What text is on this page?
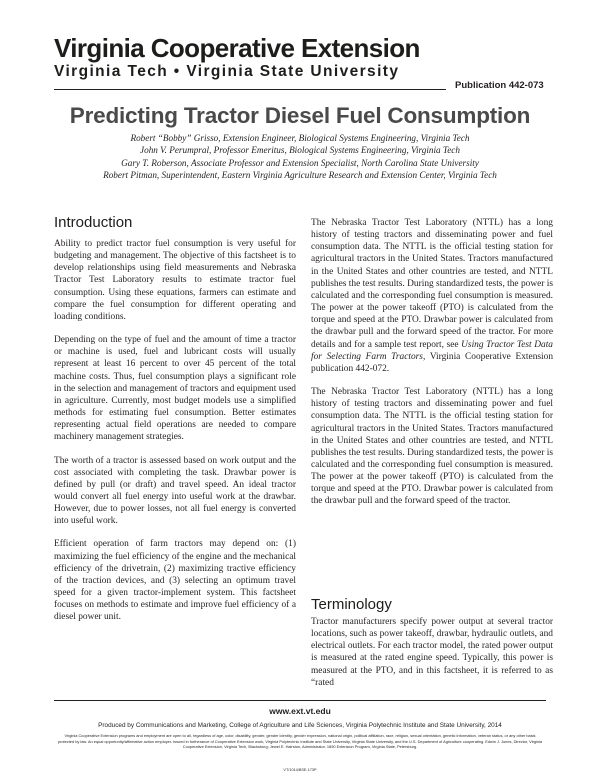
Virginia Cooperative Extension
Virginia Tech • Virginia State University
Publication 442-073
Predicting Tractor Diesel Fuel Consumption
Robert “Bobby” Grisso, Extension Engineer, Biological Systems Engineering, Virginia Tech
John V. Perumpral, Professor Emeritus, Biological Systems Engineering, Virginia Tech
Gary T. Roberson, Associate Professor and Extension Specialist, North Carolina State University
Robert Pitman, Superintendent, Eastern Virginia Agriculture Research and Extension Center, Virginia Tech
Introduction

Ability to predict tractor fuel consumption is very useful for budgeting and management. The objective of this factsheet is to develop relationships using field measurements and Nebraska Tractor Test Laboratory results to estimate tractor fuel consumption. Using these equations, farmers can estimate and compare the fuel consumption for different operating and loading conditions.

Depending on the type of fuel and the amount of time a tractor or machine is used, fuel and lubricant costs will usually represent at least 16 percent to over 45 percent of the total machine costs. Thus, fuel consumption plays a significant role in the selection and management of tractors and equipment used in agriculture. Currently, most budget models use a simplified methods for estimating fuel consumption. Better estimates representing actual field operations are needed to compare machinery management strategies.

The worth of a tractor is assessed based on work output and the cost associated with completing the task. Drawbar power is defined by pull (or draft) and travel speed. An ideal tractor would convert all fuel energy into useful work at the drawbar. However, due to power losses, not all fuel energy is converted into useful work.

Efficient operation of farm tractors may depend on: (1) maximizing the fuel efficiency of the engine and the mechanical efficiency of the drivetrain, (2) maximizing tractive efficiency of the traction devices, and (3) selecting an optimum travel speed for a given tractor-implement system. This factsheet focuses on methods to estimate and improve fuel efficiency of a diesel power unit.

The Nebraska Tractor Test Laboratory (NTTL) has a long history of testing tractors and disseminating power and fuel consumption data. The NTTL is the official testing station for agricultural tractors in the United States. Tractors manufactured in the United States and other countries are tested, and NTTL publishes the test results. During standardized tests, the power is calculated and the corresponding fuel consumption is measured. The power at the power takeoff (PTO) is calculated from the torque and speed at the PTO. Drawbar power is calculated from the drawbar pull and the forward speed of the tractor. For more details and for a sample test report, see Using Tractor Test Data for Selecting Farm Tractors, Virginia Cooperative Extension publication 442-072.

The Nebraska Tractor Test Laboratory (NTTL) has a long history of testing tractors and disseminating power and fuel consumption data. The NTTL is the official testing station for agricultural tractors in the United States. Tractors manufactured in the United States and other countries are tested, and NTTL publishes the test results. During standardized tests, the power is calculated and the corresponding fuel consumption is measured. The power at the power takeoff (PTO) is calculated from the torque and speed at the PTO. Drawbar power is calculated from the drawbar pull and the forward speed of the tractor.

Terminology

Tractor manufacturers specify power output at several tractor locations, such as power takeoff, drawbar, hydraulic outlets, and electrical outlets. For each tractor model, the rated power output is measured at the rated engine speed. Typically, this power is measured at the PTO, and in this factsheet, it is referred to as “rated

www.ext.vt.edu
Produced by Communications and Marketing, College of Agriculture and Life Sciences, Virginia Polytechnic Institute and State University, 2014
Virginia Cooperative Extension programs and employment are open to all, regardless of age, color, disability, gender, gender identity, gender expression, national origin, political affiliation, race, religion, sexual orientation, genetic information, veteran status, or any other basis protected by law. An equal opportunity/affirmative action employer. Issued in furtherance of Cooperative Extension work, Virginia Polytechnic Institute and State University, Virginia State University, and the U.S. Department of Agriculture cooperating. Edwin J. Jones, Director, Virginia Cooperative Extension, Virginia Tech, Blacksburg; Jewel E. Hairston, Administrator, 1890 Extension Program, Virginia State, Petersburg.
VT/1014/BSE-173P
